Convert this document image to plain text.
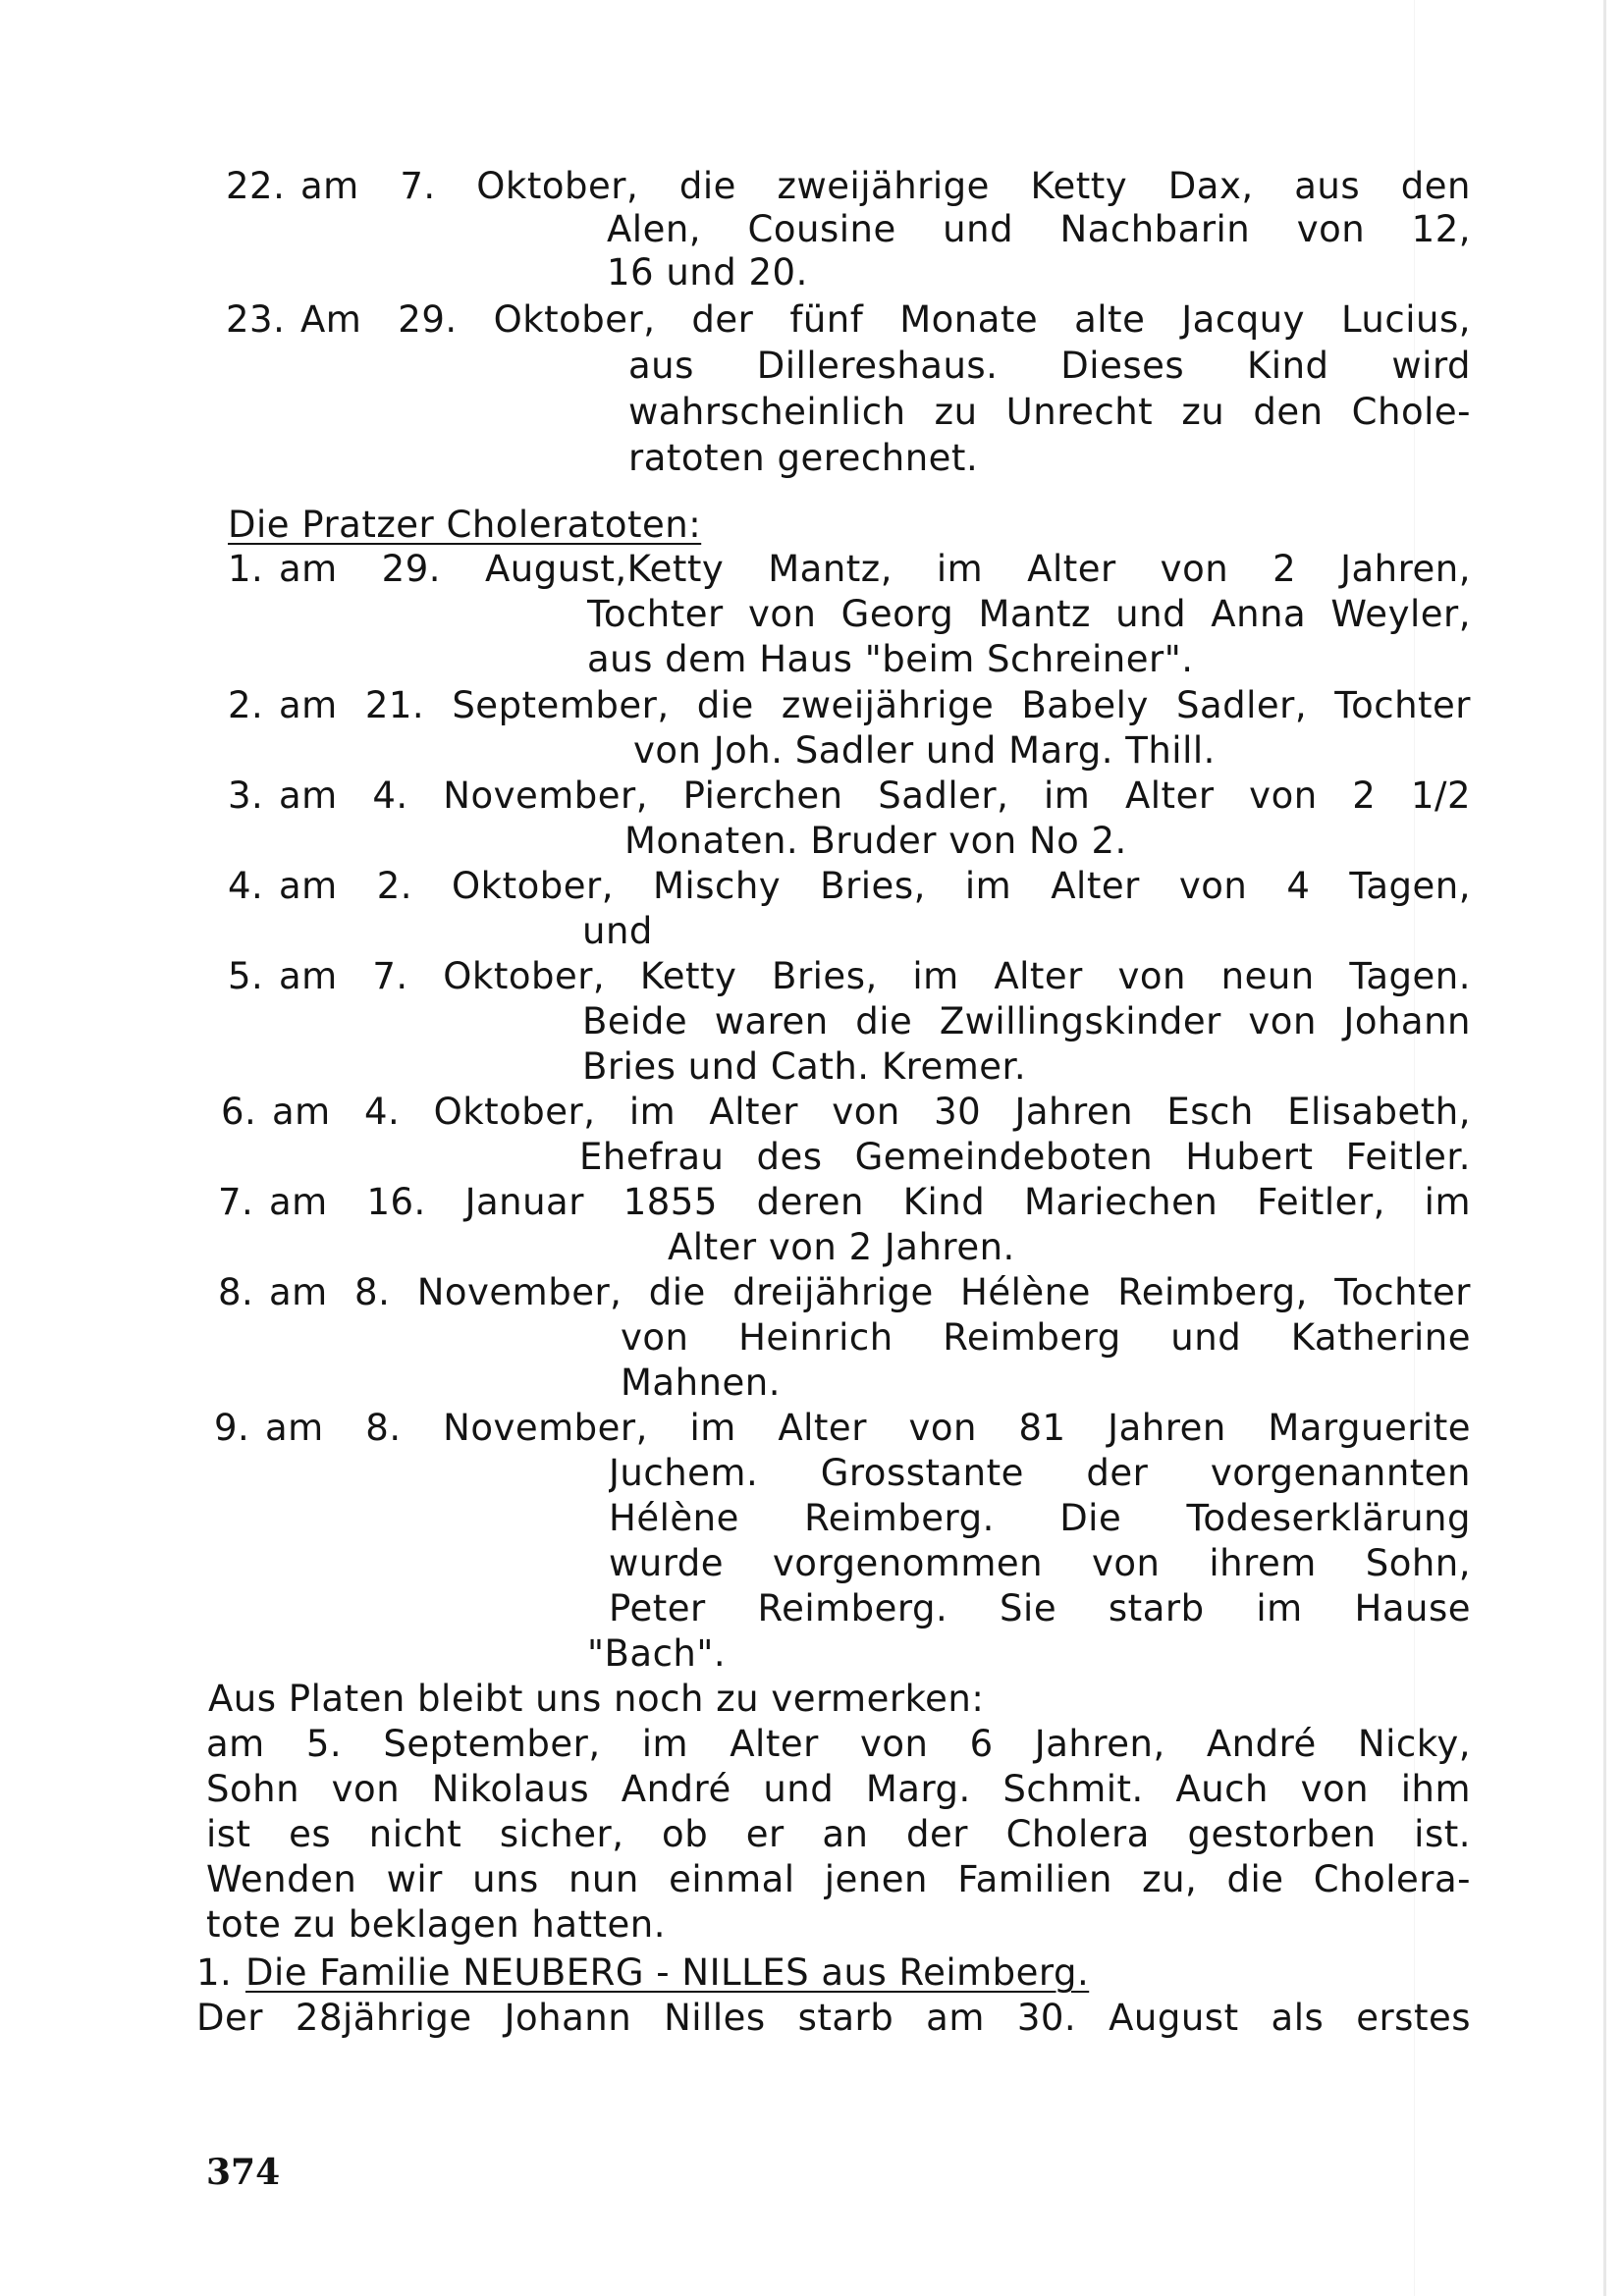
22. am 7. Oktober, die zweijährige Ketty Dax, aus den
Alen, Cousine und Nachbarin von 12,
16 und 20.
23. Am 29. Oktober, der fünf Monate alte Jacquy Lucius,
aus Dillereshaus. Dieses Kind wird
wahrscheinlich zu Unrecht zu den Chole-
ratoten gerechnet.
Die Pratzer Choleratoten:
1. am 29. August,Ketty Mantz, im Alter von 2 Jahren,
Tochter von Georg Mantz und Anna Weyler,
aus dem Haus "beim Schreiner".
2. am 21. September, die zweijährige Babely Sadler, Tochter
von Joh. Sadler und Marg. Thill.
3. am 4. November, Pierchen Sadler, im Alter von 2 1/2
Monaten. Bruder von No 2.
4. am 2. Oktober, Mischy Bries, im Alter von 4 Tagen,
und
5. am 7. Oktober, Ketty Bries, im Alter von neun Tagen.
Beide waren die Zwillingskinder von Johann
Bries und Cath. Kremer.
6. am 4. Oktober, im Alter von 30 Jahren Esch Elisabeth,
Ehefrau des Gemeindeboten Hubert Feitler.
7. am 16. Januar 1855 deren Kind Mariechen Feitler, im
Alter von 2 Jahren.
8. am 8. November, die dreijährige Hélène Reimberg, Tochter
von Heinrich Reimberg und Katherine
Mahnen.
9. am 8. November, im Alter von 81 Jahren Marguerite
Juchem. Grosstante der vorgenannten
Hélène Reimberg. Die Todeserklärung
wurde vorgenommen von ihrem Sohn,
Peter Reimberg. Sie starb im Hause
"Bach".
Aus Platen bleibt uns noch zu vermerken:
am 5. September, im Alter von 6 Jahren, André Nicky,
Sohn von Nikolaus André und Marg. Schmit. Auch von ihm
ist es nicht sicher, ob er an der Cholera gestorben ist.
Wenden wir uns nun einmal jenen Familien zu, die Cholera-
tote zu beklagen hatten.
1. Die Familie NEUBERG - NILLES aus Reimberg.
Der 28jährige Johann Nilles starb am 30. August als erstes
374
